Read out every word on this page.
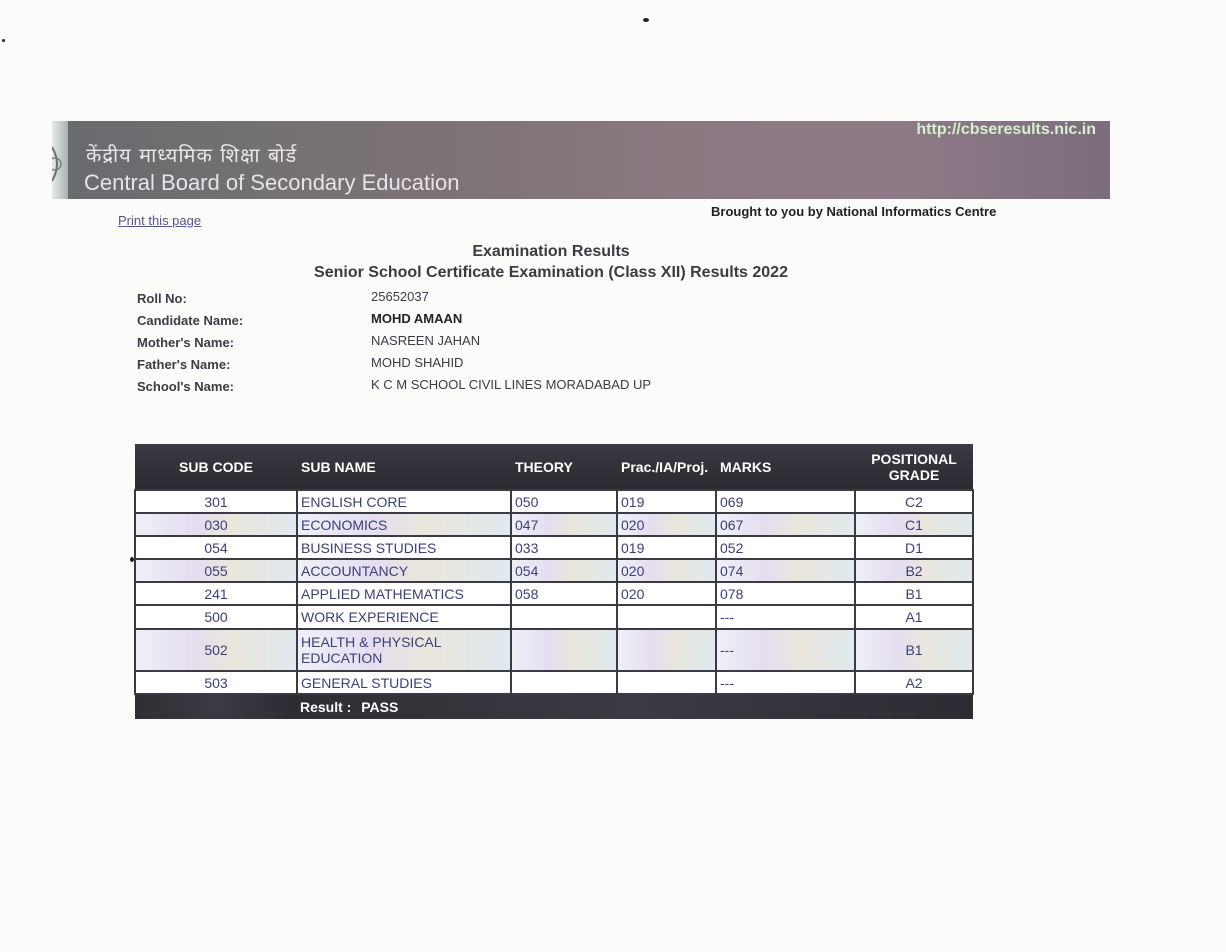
केंद्रीय माध्यमिक शिक्षा बोर्ड
Central Board of Secondary Education
http://cbseresults.nic.in
Print this page
Brought to you by National Informatics Centre
Examination Results
Senior School Certificate Examination (Class XII) Results 2022
Roll No:	25652037
Candidate Name:	MOHD AMAAN
Mother's Name:	NASREEN JAHAN
Father's Name:	MOHD SHAHID
School's Name:	K C M SCHOOL CIVIL LINES MORADABAD UP
SUB CODE	SUB NAME	THEORY	Prac./IA/Proj.	MARKS	POSITIONAL GRADE
301	ENGLISH CORE	050	019	069	C2
030	ECONOMICS	047	020	067	C1
054	BUSINESS STUDIES	033	019	052	D1
055	ACCOUNTANCY	054	020	074	B2
241	APPLIED MATHEMATICS	058	020	078	B1
500	WORK EXPERIENCE			---	A1
502	HEALTH & PHYSICAL EDUCATION			---	B1
503	GENERAL STUDIES			---	A2
	Result : PASS				
